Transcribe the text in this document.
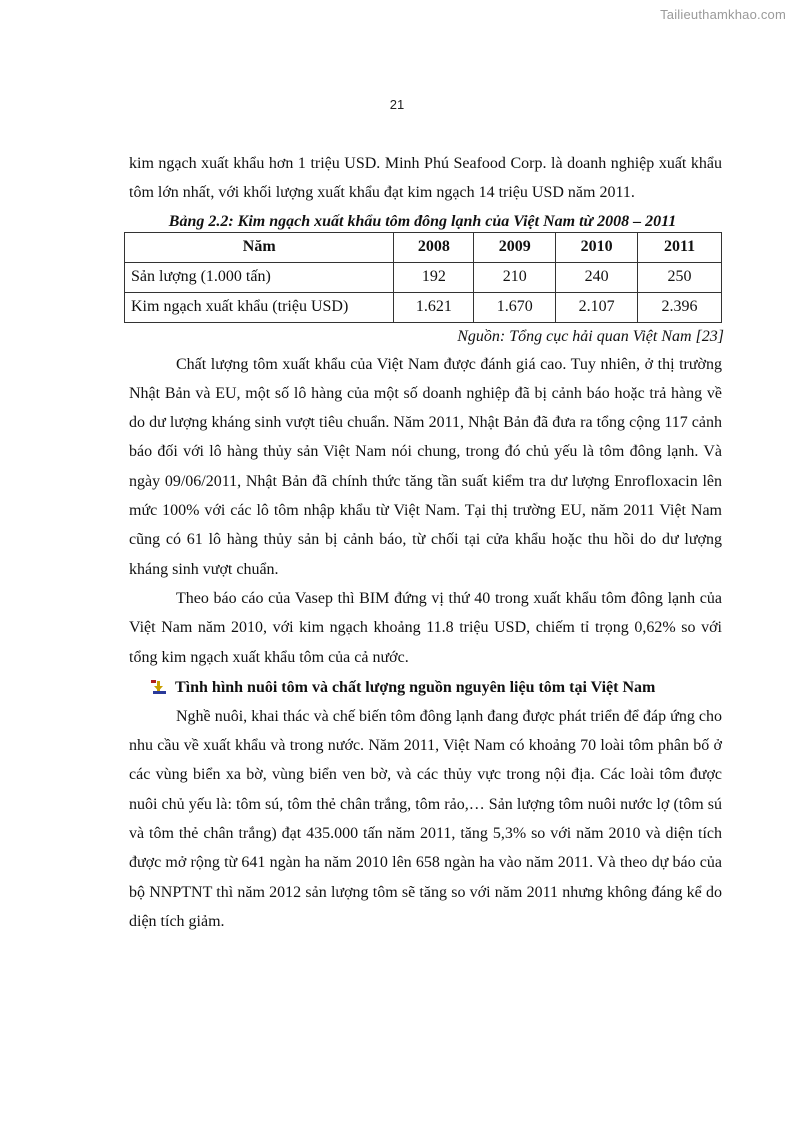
Tailieuthamkhao.com
21

kim ngạch xuất khẩu hơn 1 triệu USD. Minh Phú Seafood Corp. là doanh nghiệp xuất khẩu tôm lớn nhất, với khối lượng xuất khẩu đạt kim ngạch 14 triệu USD năm 2011.

Bảng 2.2: Kim ngạch xuất khẩu tôm đông lạnh của Việt Nam từ 2008 – 2011
Năm	2008	2009	2010	2011
Sản lượng (1.000 tấn)	192	210	240	250
Kim ngạch xuất khẩu (triệu USD)	1.621	1.670	2.107	2.396
Nguồn: Tổng cục hải quan Việt Nam [23]

Chất lượng tôm xuất khẩu của Việt Nam được đánh giá cao. Tuy nhiên, ở thị trường Nhật Bản và EU, một số lô hàng của một số doanh nghiệp đã bị cảnh báo hoặc trả hàng về do dư lượng kháng sinh vượt tiêu chuẩn. Năm 2011, Nhật Bản đã đưa ra tổng cộng 117 cảnh báo đối với lô hàng thủy sản Việt Nam nói chung, trong đó chủ yếu là tôm đông lạnh. Và ngày 09/06/2011, Nhật Bản đã chính thức tăng tần suất kiểm tra dư lượng Enrofloxacin lên mức 100% với các lô tôm nhập khẩu từ Việt Nam. Tại thị trường EU, năm 2011 Việt Nam cũng có 61 lô hàng thủy sản bị cảnh báo, từ chối tại cửa khẩu hoặc thu hồi do dư lượng kháng sinh vượt chuẩn.

Theo báo cáo của Vasep thì BIM đứng vị thứ 40 trong xuất khẩu tôm đông lạnh của Việt Nam năm 2010, với kim ngạch khoảng 11.8 triệu USD, chiếm tỉ trọng 0,62% so với tổng kim ngạch xuất khẩu tôm của cả nước.

Tình hình nuôi tôm và chất lượng nguồn nguyên liệu tôm tại Việt Nam

Nghề nuôi, khai thác và chế biến tôm đông lạnh đang được phát triển để đáp ứng cho nhu cầu về xuất khẩu và trong nước. Năm 2011, Việt Nam có khoảng 70 loài tôm phân bố ở các vùng biển xa bờ, vùng biển ven bờ, và các thủy vực trong nội địa. Các loài tôm được nuôi chủ yếu là: tôm sú, tôm thẻ chân trắng, tôm rảo,… Sản lượng tôm nuôi nước lợ (tôm sú và tôm thẻ chân trắng) đạt 435.000 tấn năm 2011, tăng 5,3% so với năm 2010 và diện tích được mở rộng từ 641 ngàn ha năm 2010 lên 658 ngàn ha vào năm 2011. Và theo dự báo của bộ NNPTNT thì năm 2012 sản lượng tôm sẽ tăng so với năm 2011 nhưng không đáng kể do diện tích giảm.
